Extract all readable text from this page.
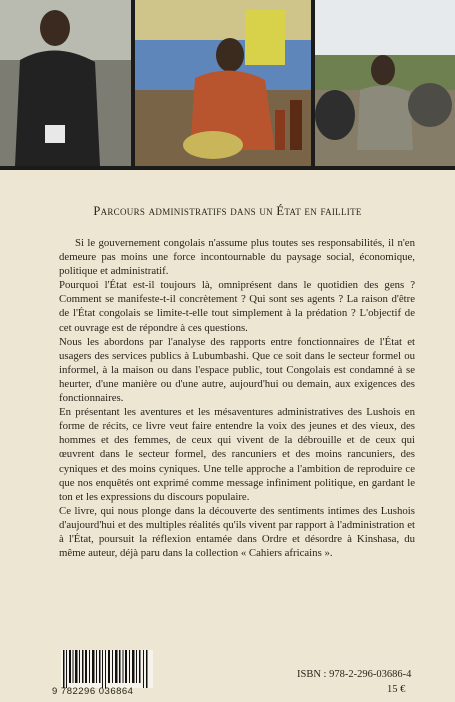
Parcours administratifs dans un État en faillite

Si le gouvernement congolais n'assume plus toutes ses responsabilités, il n'en demeure pas moins une force incontournable du paysage social, économique, politique et administratif.

Pourquoi l'État est-il toujours là, omniprésent dans le quotidien des gens ? Comment se manifeste-t-il concrètement ? Qui sont ses agents ? La raison d'être de l'État congolais se limite-t-elle tout simplement à la prédation ? L'objectif de cet ouvrage est de répondre à ces questions.

Nous les abordons par l'analyse des rapports entre fonctionnaires de l'État et usagers des services publics à Lubumbashi. Que ce soit dans le secteur formel ou informel, à la maison ou dans l'espace public, tout Congolais est condamné à se heurter, d'une manière ou d'une autre, aujourd'hui ou demain, aux exigences des fonctionnaires.

En présentant les aventures et les mésaventures administratives des Lushois en forme de récits, ce livre veut faire entendre la voix des jeunes et des vieux, des hommes et des femmes, de ceux qui vivent de la débrouille et de ceux qui œuvrent dans le secteur formel, des rancuniers et des moins rancuniers, des cyniques et des moins cyniques. Une telle approche a l'ambition de reproduire ce que nos enquêtés ont exprimé comme message infiniment politique, en gardant le ton et les expressions du discours populaire.

Ce livre, qui nous plonge dans la découverte des sentiments intimes des Lushois d'aujourd'hui et des multiples réalités qu'ils vivent par rapport à l'administration et à l'État, poursuit la réflexion entamée dans Ordre et désordre à Kinshasa, du même auteur, déjà paru dans la collection « Cahiers africains ».

9 782296 036864
ISBN : 978-2-296-03686-4
15 €
